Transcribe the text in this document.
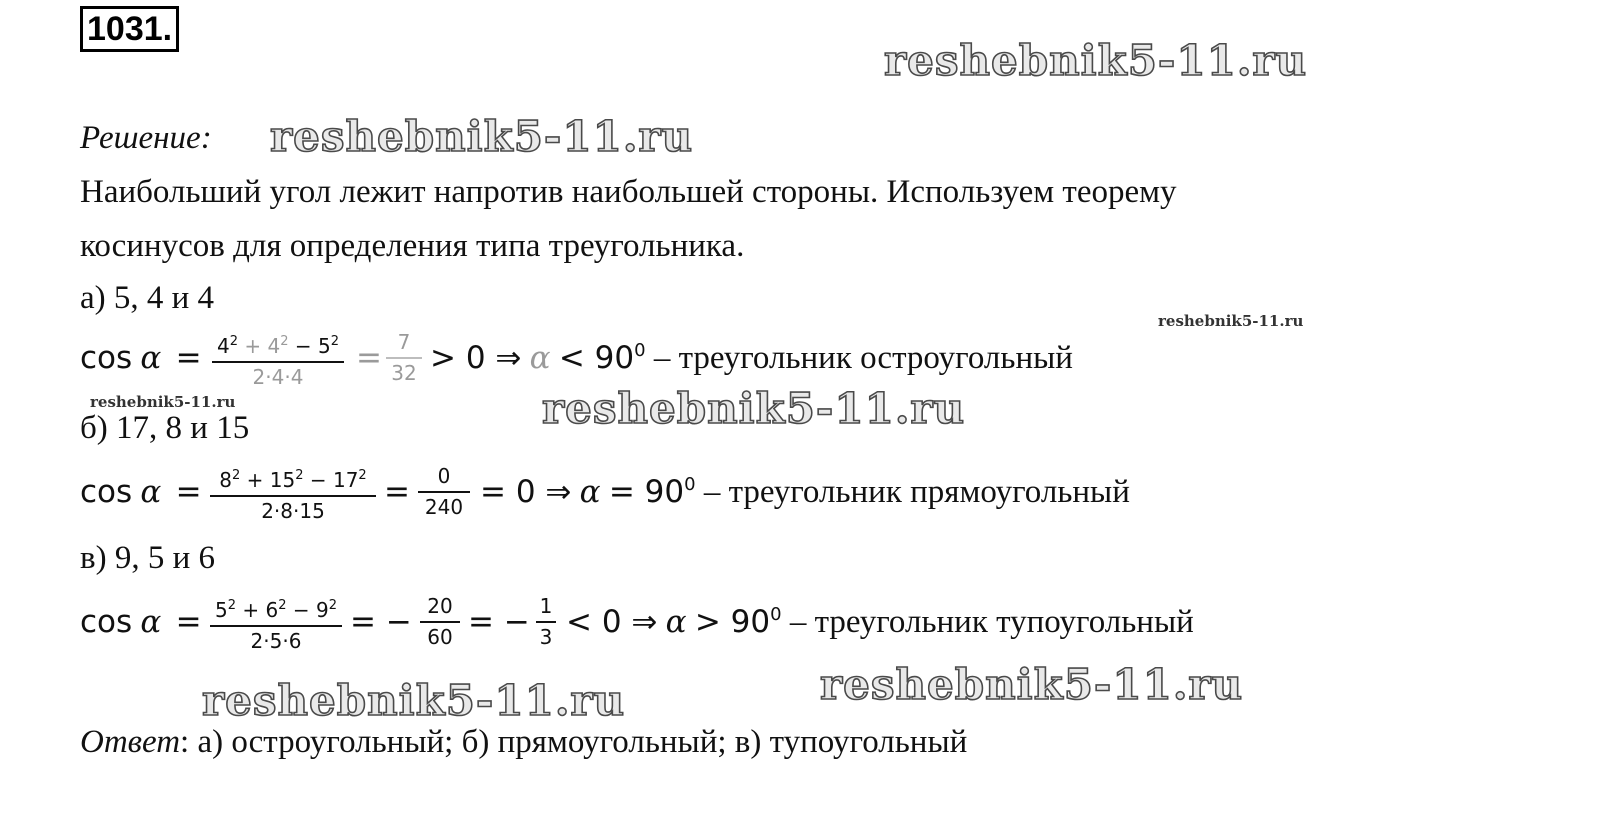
1031.
reshebnik5-11.ru
Решение: reshebnik5-11.ru
Наибольший угол лежит напротив наибольшей стороны. Используем теорему
косинусов для определения типа треугольника.
а) 5, 4 и 4
reshebnik5-11.ru
$\cos \alpha = 4^2 + 4^2 - 5^2$
2·4·4
= 7
32 > 0 ⇒ $\alpha < 90^0$ – треугольник остроугольный
reshebnik5-11.ru	reshebnik5-11.ru
б) 17, 8 и 15
$\cos \alpha = 8^2 + 15^2 - 17^2$
2·8·15
=	0
240 = 0 ⇒ $\alpha = 90^0$ – треугольник прямоугольный
в) 9, 5 и 6
$\cos \alpha = 5^2 + 6^2 - 9^2$
2·5·6
= − 20
60 = − 1
3 < 0 ⇒ $\alpha > 90^0$ – треугольник тупоугольный
reshebnik5-11.ru	reshebnik5-11.ru
Ответ: а) остроугольный; б) прямоугольный; в) тупоугольный
